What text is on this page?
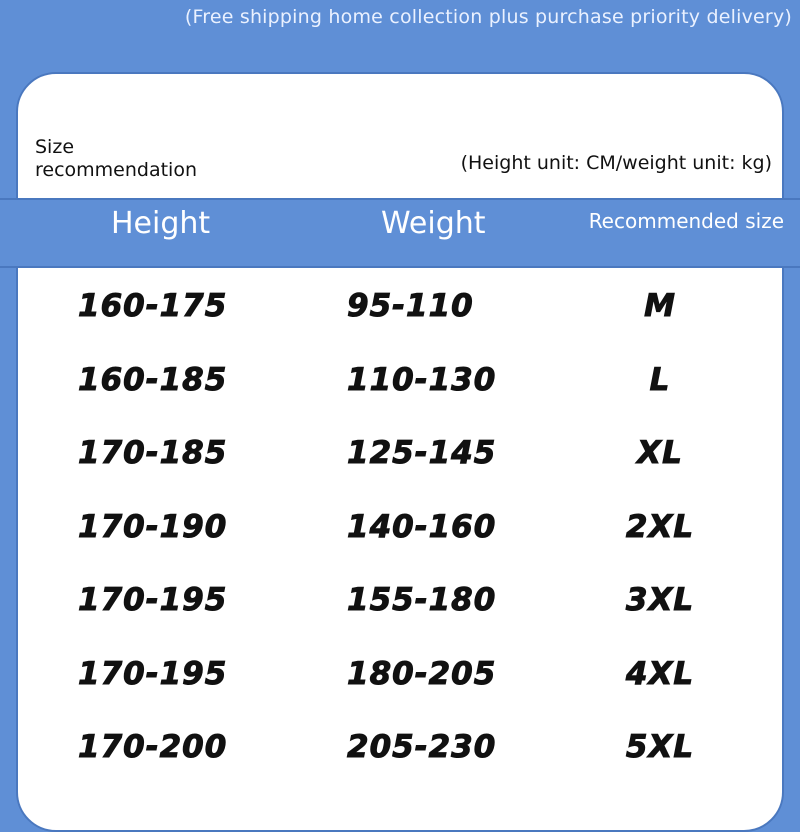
(Free shipping home collection plus purchase priority delivery)
Size
recommendation	(Height unit: CM/weight unit: kg)
Height	Weight	Recommended size
160-175	95-110	M
160-185	110-130	L
170-185	125-145	XL
170-190	140-160	2XL
170-195	155-180	3XL
170-195	180-205	4XL
170-200	205-230	5XL
